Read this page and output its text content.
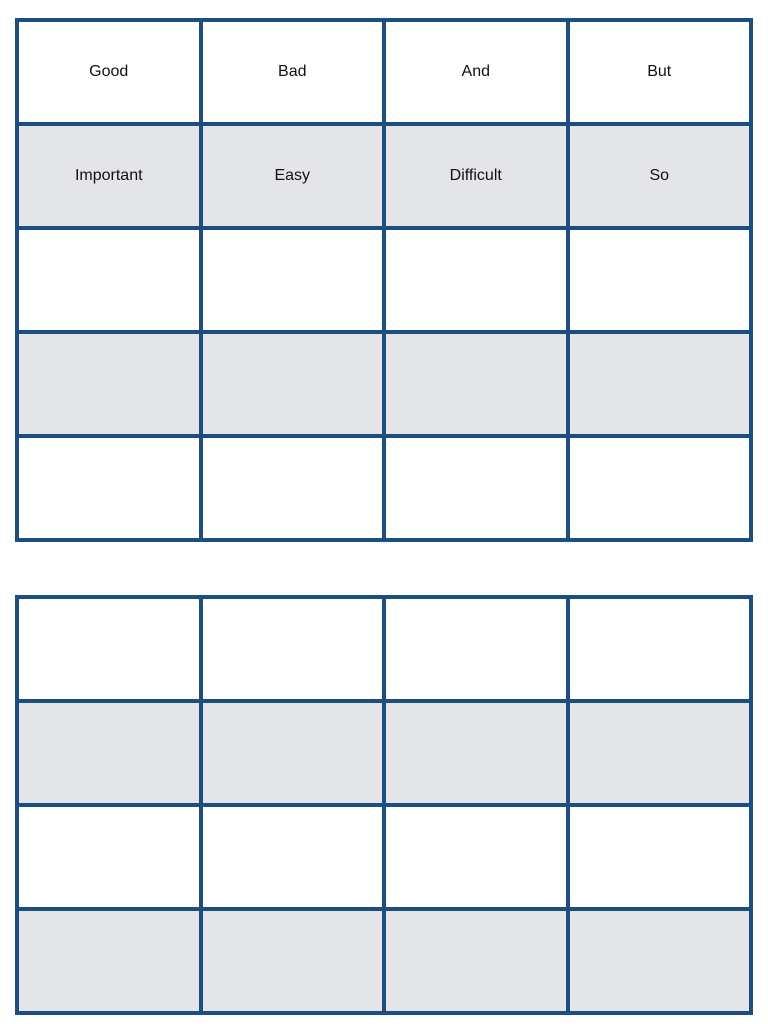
Good	Bad	And	But
Important	Easy	Difficult	So
